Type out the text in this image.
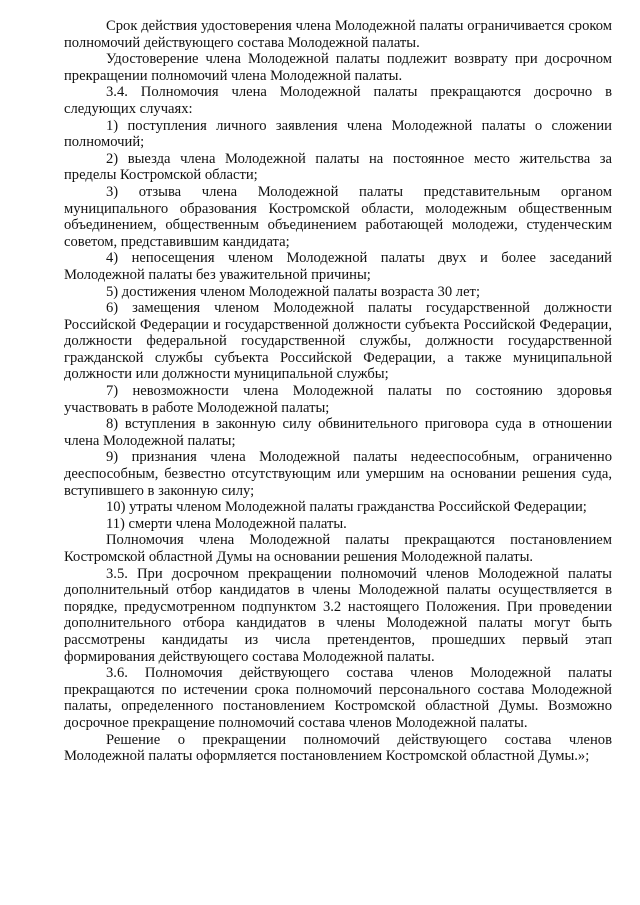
Срок действия удостоверения члена Молодежной палаты ограничивается сроком полномочий действующего состава Молодежной палаты.

Удостоверение члена Молодежной палаты подлежит возврату при досрочном прекращении полномочий члена Молодежной палаты.

3.4. Полномочия члена Молодежной палаты прекращаются досрочно в следующих случаях:

1) поступления личного заявления члена Молодежной палаты о сложении полномочий;

2) выезда члена Молодежной палаты на постоянное место жительства за пределы Костромской области;

3) отзыва члена Молодежной палаты представительным органом муниципального образования Костромской области, молодежным общественным объединением, общественным объединением работающей молодежи, студенческим советом, представившим кандидата;

4) непосещения членом Молодежной палаты двух и более заседаний Молодежной палаты без уважительной причины;

5) достижения членом Молодежной палаты возраста 30 лет;

6) замещения членом Молодежной палаты государственной должности Российской Федерации и государственной должности субъекта Российской Федерации, должности федеральной государственной службы, должности государственной гражданской службы субъекта Российской Федерации, а также муниципальной должности или должности муниципальной службы;

7) невозможности члена Молодежной палаты по состоянию здоровья участвовать в работе Молодежной палаты;

8) вступления в законную силу обвинительного приговора суда в отношении члена Молодежной палаты;

9) признания члена Молодежной палаты недееспособным, ограниченно дееспособным, безвестно отсутствующим или умершим на основании решения суда, вступившего в законную силу;

10) утраты членом Молодежной палаты гражданства Российской Федерации;

11) смерти члена Молодежной палаты.

Полномочия члена Молодежной палаты прекращаются постановлением Костромской областной Думы на основании решения Молодежной палаты.

3.5. При досрочном прекращении полномочий членов Молодежной палаты дополнительный отбор кандидатов в члены Молодежной палаты осуществляется в порядке, предусмотренном подпунктом 3.2 настоящего Положения. При проведении дополнительного отбора кандидатов в члены Молодежной палаты могут быть рассмотрены кандидаты из числа претендентов, прошедших первый этап формирования действующего состава Молодежной палаты.

3.6. Полномочия действующего состава членов Молодежной палаты прекращаются по истечении срока полномочий персонального состава Молодежной палаты, определенного постановлением Костромской областной Думы. Возможно досрочное прекращение полномочий состава членов Молодежной палаты.

Решение о прекращении полномочий действующего состава членов Молодежной палаты оформляется постановлением Костромской областной Думы.»;
